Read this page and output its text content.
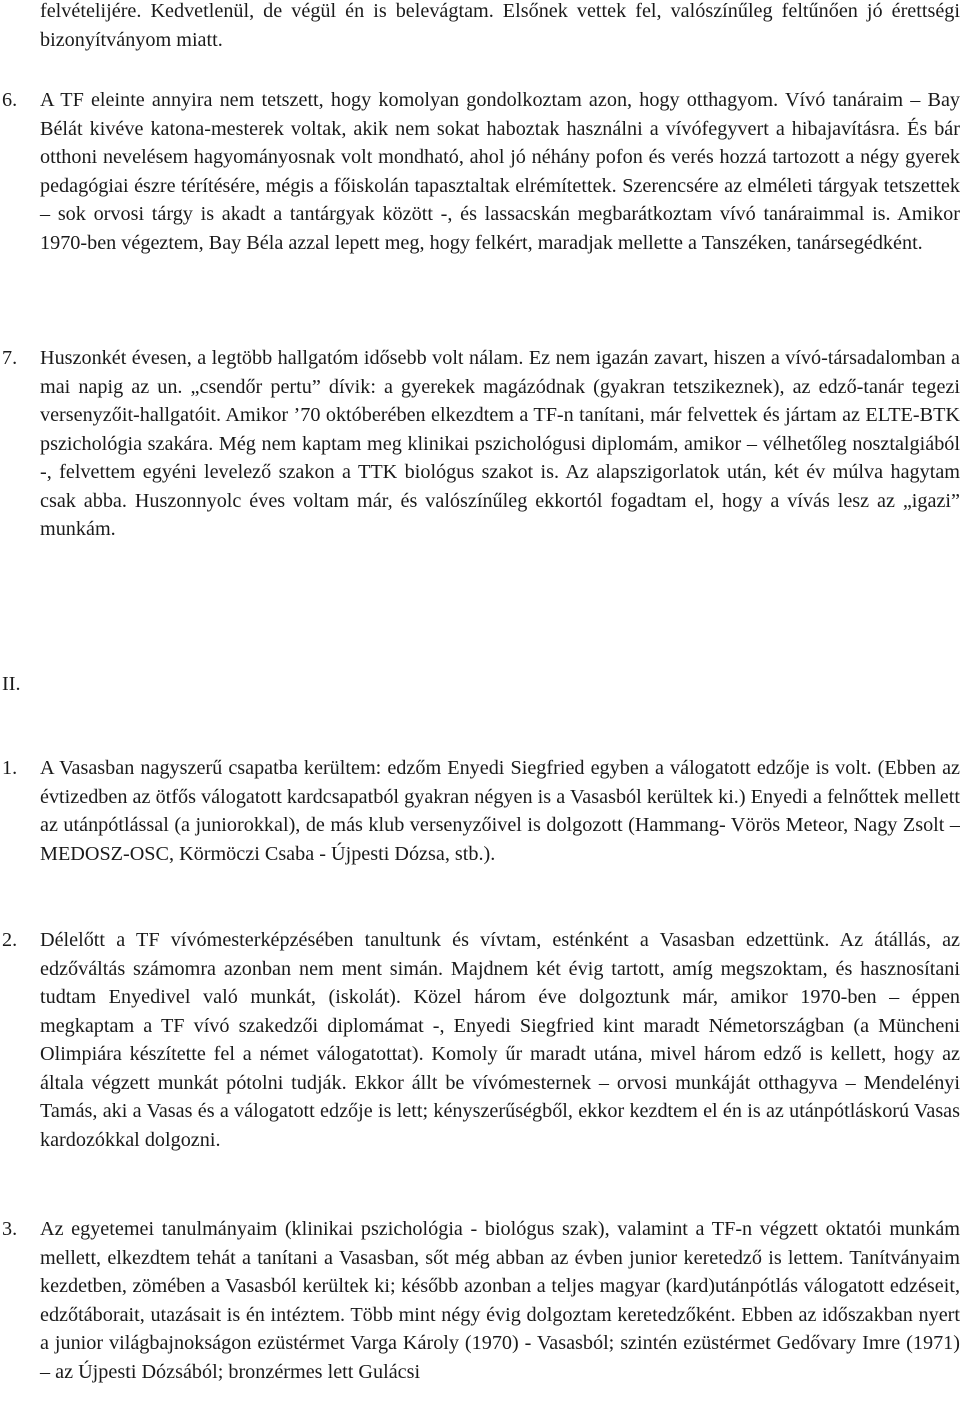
felvételijére. Kedvetlenül, de végül én is belevágtam. Elsőnek vettek fel, valószínűleg feltűnően jó érettségi bizonyítványom miatt.

6. A TF eleinte annyira nem tetszett, hogy komolyan gondolkoztam azon, hogy otthagyom. Vívó tanáraim – Bay Bélát kivéve katona-mesterek voltak, akik nem sokat haboztak használni a vívófegyvert a hibajavításra. És bár otthoni nevelésem hagyományosnak volt mondható, ahol jó néhány pofon és verés hozzá tartozott a négy gyerek pedagógiai észre térítésére, mégis a főiskolán tapasztaltak elrémítettek. Szerencsére az elméleti tárgyak tetszettek – sok orvosi tárgy is akadt a tantárgyak között -, és lassacskán megbarátkoztam vívó tanáraimmal is. Amikor 1970-ben végeztem, Bay Béla azzal lepett meg, hogy felkért, maradjak mellette a Tanszéken, tanársegédként.

7. Huszonkét évesen, a legtöbb hallgatóm idősebb volt nálam. Ez nem igazán zavart, hiszen a vívó-társadalomban a mai napig az un. „csendőr pertu” dívik: a gyerekek magázódnak (gyakran tetszikeznek), az edző-tanár tegezi versenyzőit-hallgatóit. Amikor ’70 októberében elkezdtem a TF-n tanítani, már felvettek és jártam az ELTE-BTK pszichológia szakára. Még nem kaptam meg klinikai pszichológusi diplomám, amikor – vélhetőleg nosztalgiából -, felvettem egyéni levelező szakon a TTK biológus szakot is. Az alapszigorlatok után, két év múlva hagytam csak abba. Huszonnyolc éves voltam már, és valószínűleg ekkortól fogadtam el, hogy a vívás lesz az „igazi” munkám.

II.
1. A Vasasban nagyszerű csapatba kerültem: edzőm Enyedi Siegfried egyben a válogatott edzője is volt. (Ebben az évtizedben az ötfős válogatott kardcsapatból gyakran négyen is a Vasasból kerültek ki.) Enyedi a felnőttek mellett az utánpótlással (a juniorokkal), de más klub versenyzőivel is dolgozott (Hammang- Vörös Meteor, Nagy Zsolt –MEDOSZ-OSC, Körmöczi Csaba - Újpesti Dózsa, stb.).

2. Délelőtt a TF vívómesterképzésében tanultunk és vívtam, esténként a Vasasban edzettünk. Az átállás, az edzőváltás számomra azonban nem ment simán. Majdnem két évig tartott, amíg megszoktam, és hasznosítani tudtam Enyedivel való munkát, (iskolát). Közel három éve dolgoztunk már, amikor 1970-ben – éppen megkaptam a TF vívó szakedzői diplomámat -, Enyedi Siegfried kint maradt Németországban (a Müncheni Olimpiára készítette fel a német válogatottat). Komoly űr maradt utána, mivel három edző is kellett, hogy az általa végzett munkát pótolni tudják. Ekkor állt be vívómesternek – orvosi munkáját otthagyva – Mendelényi Tamás, aki a Vasas és a válogatott edzője is lett; kényszerűségből, ekkor kezdtem el én is az utánpótláskorú Vasas kardozókkal dolgozni.

3. Az egyetemei tanulmányaim (klinikai pszichológia - biológus szak), valamint a TF-n végzett oktatói munkám mellett, elkezdtem tehát a tanítani a Vasasban, sőt még abban az évben junior keretedző is lettem. Tanítványaim kezdetben, zömében a Vasasból kerültek ki; később azonban a teljes magyar (kard)utánpótlás válogatott edzéseit, edzőtáborait, utazásait is én intéztem. Több mint négy évig dolgoztam keretedzőként. Ebben az időszakban nyert a junior világbajnokságon ezüstérmet Varga Károly (1970) - Vasasból; szintén ezüstérmet Gedővary Imre (1971) – az Újpesti Dózsából; bronzérmes lett Gulácsi
